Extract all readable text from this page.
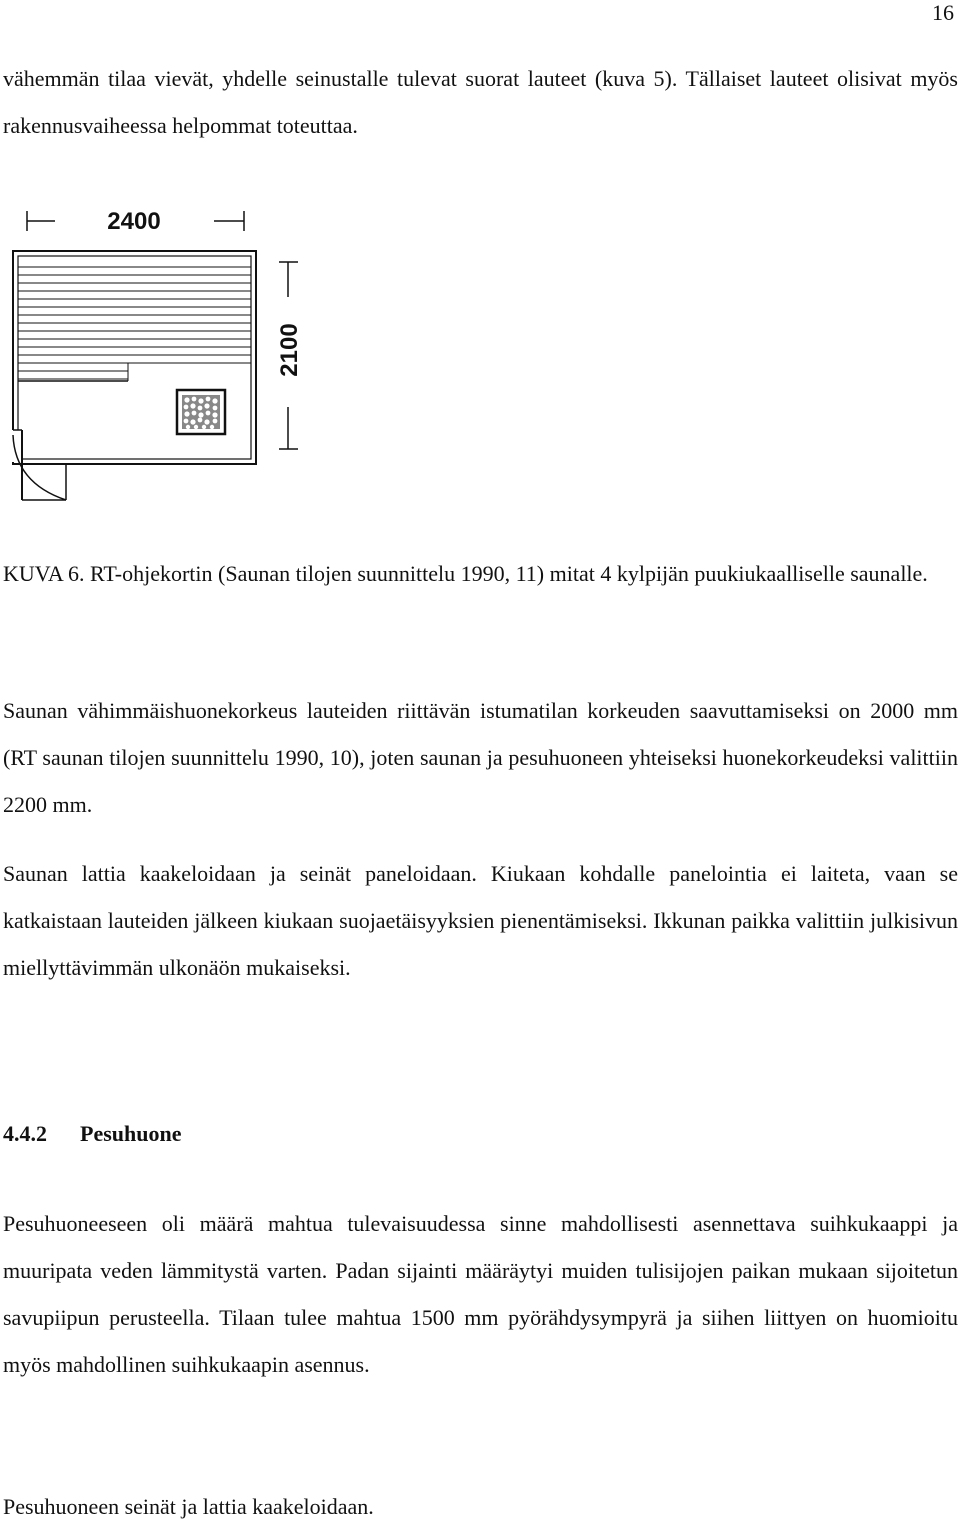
16

vähemmän tilaa vievät, yhdelle seinustalle tulevat suorat lauteet (kuva 5). Tällaiset lauteet olisivat myös rakennusvaiheessa helpommat toteuttaa.

2400
2100

KUVA 6. RT-ohjekortin (Saunan tilojen suunnittelu 1990, 11) mitat 4 kylpijän puukiukaalliselle saunalle.

Saunan vähimmäishuonekorkeus lauteiden riittävän istumatilan korkeuden saavuttamiseksi on 2000 mm (RT saunan tilojen suunnittelu 1990, 10), joten saunan ja pesuhuoneen yhteiseksi huonekorkeudeksi valittiin 2200 mm.

Saunan lattia kaakeloidaan ja seinät paneloidaan. Kiukaan kohdalle panelointia ei laiteta, vaan se katkaistaan lauteiden jälkeen kiukaan suojaetäisyyksien pienentämiseksi. Ikkunan paikka valittiin julkisivun miellyttävimmän ulkonäön mukaiseksi.

4.4.2 Pesuhuone

Pesuhuoneeseen oli määrä mahtua tulevaisuudessa sinne mahdollisesti asennettava suihkukaappi ja muuripata veden lämmitystä varten. Padan sijainti määräytyi muiden tulisijojen paikan mukaan sijoitetun savupiipun perusteella. Tilaan tulee mahtua 1500 mm pyörähdysympyrä ja siihen liittyen on huomioitu myös mahdollinen suihkukaapin asennus.

Pesuhuoneen seinät ja lattia kaakeloidaan.
